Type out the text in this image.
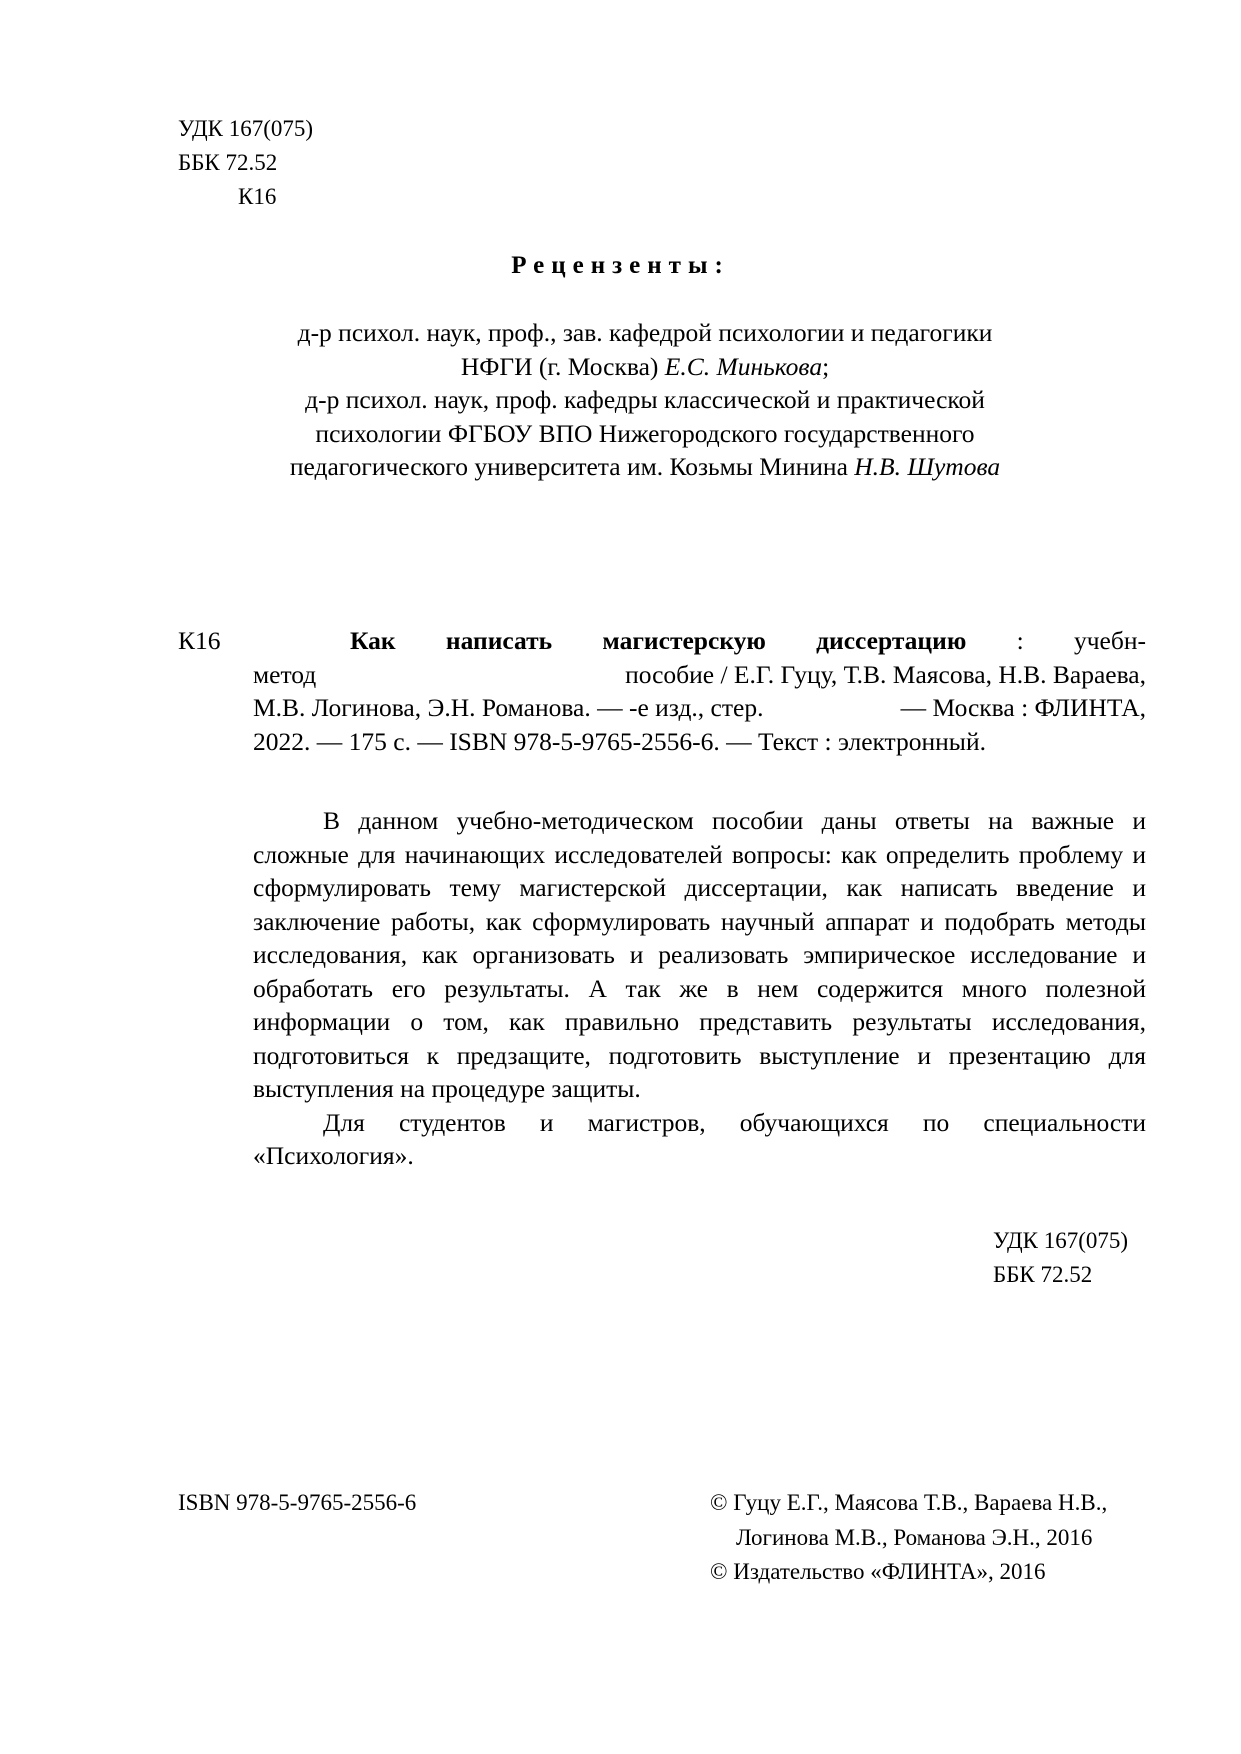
УДК 167(075)
ББК 72.52
К16
Рецензенты:
д-р психол. наук, проф., зав. кафедрой психологии и педагогики
НФГИ (г. Москва) Е.С. Минькова;
д-р психол. наук, проф. кафедры классической и практической
психологии ФГБОУ ВПО Нижегородского государственного
педагогического университета им. Козьмы Минина Н.В. Шутова
К16	Как написать магистерскую диссертацию : учебн-
метод	пособие / Е.Г. Гуцу, Т.В. Маясова, Н.В. Вараева,
М.В. Логинова, Э.Н. Романова. — -е изд., стер.	— Москва : ФЛИНТА,
2022. — 175 с. — ISBN 978-5-9765-2556-6. — Текст : электронный.

В данном учебно-методическом пособии даны ответы на важные и сложные для начинающих исследователей вопросы: как определить проблему и сформулировать тему магистерской диссертации, как написать введение и заключение работы, как сформулировать научный аппарат и подобрать методы исследования, как организовать и реализовать эмпирическое исследование и обработать его результаты. А так же в нем содержится много полезной информации о том, как правильно представить результаты исследования, подготовиться к предзащите, подготовить выступление и презентацию для выступления на процедуре защиты.

Для студентов и магистров, обучающихся по специальности «Психология».

УДК 167(075)
ББК 72.52
ISBN 978-5-9765-2556-6	© Гуцу Е.Г., Маясова Т.В., Вараева Н.В.,
Логинова М.В., Романова Э.Н., 2016
© Издательство «ФЛИНТА», 2016
